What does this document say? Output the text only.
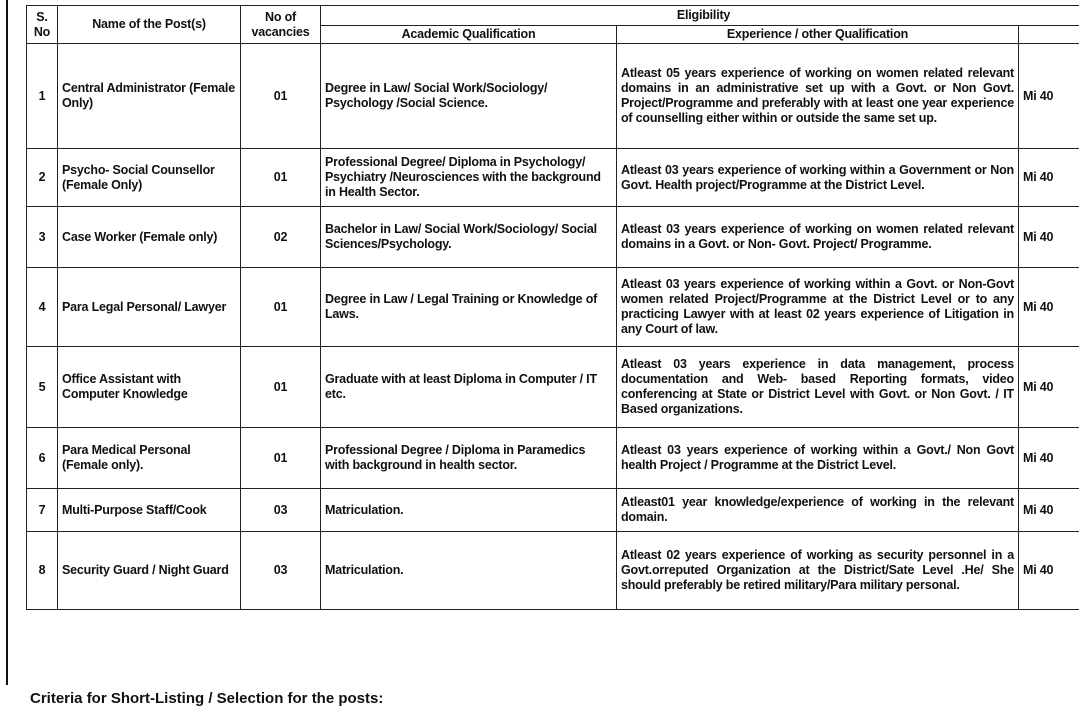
S. No	Name of the Post(s)	No of vacancies	Eligibility		
			Academic Qualification	Experience / other Qualification	
1	Central Administrator (Female Only)	01	Degree in Law/ Social Work/Sociology/ Psychology /Social Science.	Atleast 05 years experience of working on women related relevant domains in an administrative set up with a Govt. or Non Govt. Project/Programme and preferably with at least one year experience of counselling either within or outside the same set up.	Mi 40
2	Psycho- Social Counsellor (Female Only)	01	Professional Degree/ Diploma in Psychology/ Psychiatry /Neurosciences with the background in Health Sector.	Atleast 03 years experience of working within a Government or Non Govt. Health project/Programme at the District Level.	Mi 40
3	Case Worker (Female only)	02	Bachelor in Law/ Social Work/Sociology/ Social Sciences/Psychology.	Atleast 03 years experience of working on women related relevant domains in a Govt. or Non- Govt. Project/ Programme.	Mi 40
4	Para Legal Personal/ Lawyer	01	Degree in Law / Legal Training or Knowledge of Laws.	Atleast 03 years experience of working within a Govt. or Non-Govt women related Project/Programme at the District Level or to any practicing Lawyer with at least 02 years experience of Litigation in any Court of law.	Mi 40
5	Office Assistant with Computer Knowledge	01	Graduate with at least Diploma in Computer / IT etc.	Atleast 03 years experience in data management, process documentation and Web- based Reporting formats, video conferencing at State or District Level with Govt. or Non Govt. / IT Based organizations.	Mi 40
6	Para Medical Personal (Female only).	01	Professional Degree / Diploma in Paramedics with background in health sector.	Atleast 03 years experience of working within a Govt./ Non Govt health Project / Programme at the District Level.	Mi 40
7	Multi-Purpose Staff/Cook	03	Matriculation.	Atleast01 year knowledge/experience of working in the relevant domain.	Mi 40
8	Security Guard / Night Guard	03	Matriculation.	Atleast 02 years experience of working as security personnel in a Govt.orreputed Organization at the District/Sate Level .He/ She should preferably be retired military/Para military personal.	Mi 40
Criteria for Short-Listing / Selection for the posts:
